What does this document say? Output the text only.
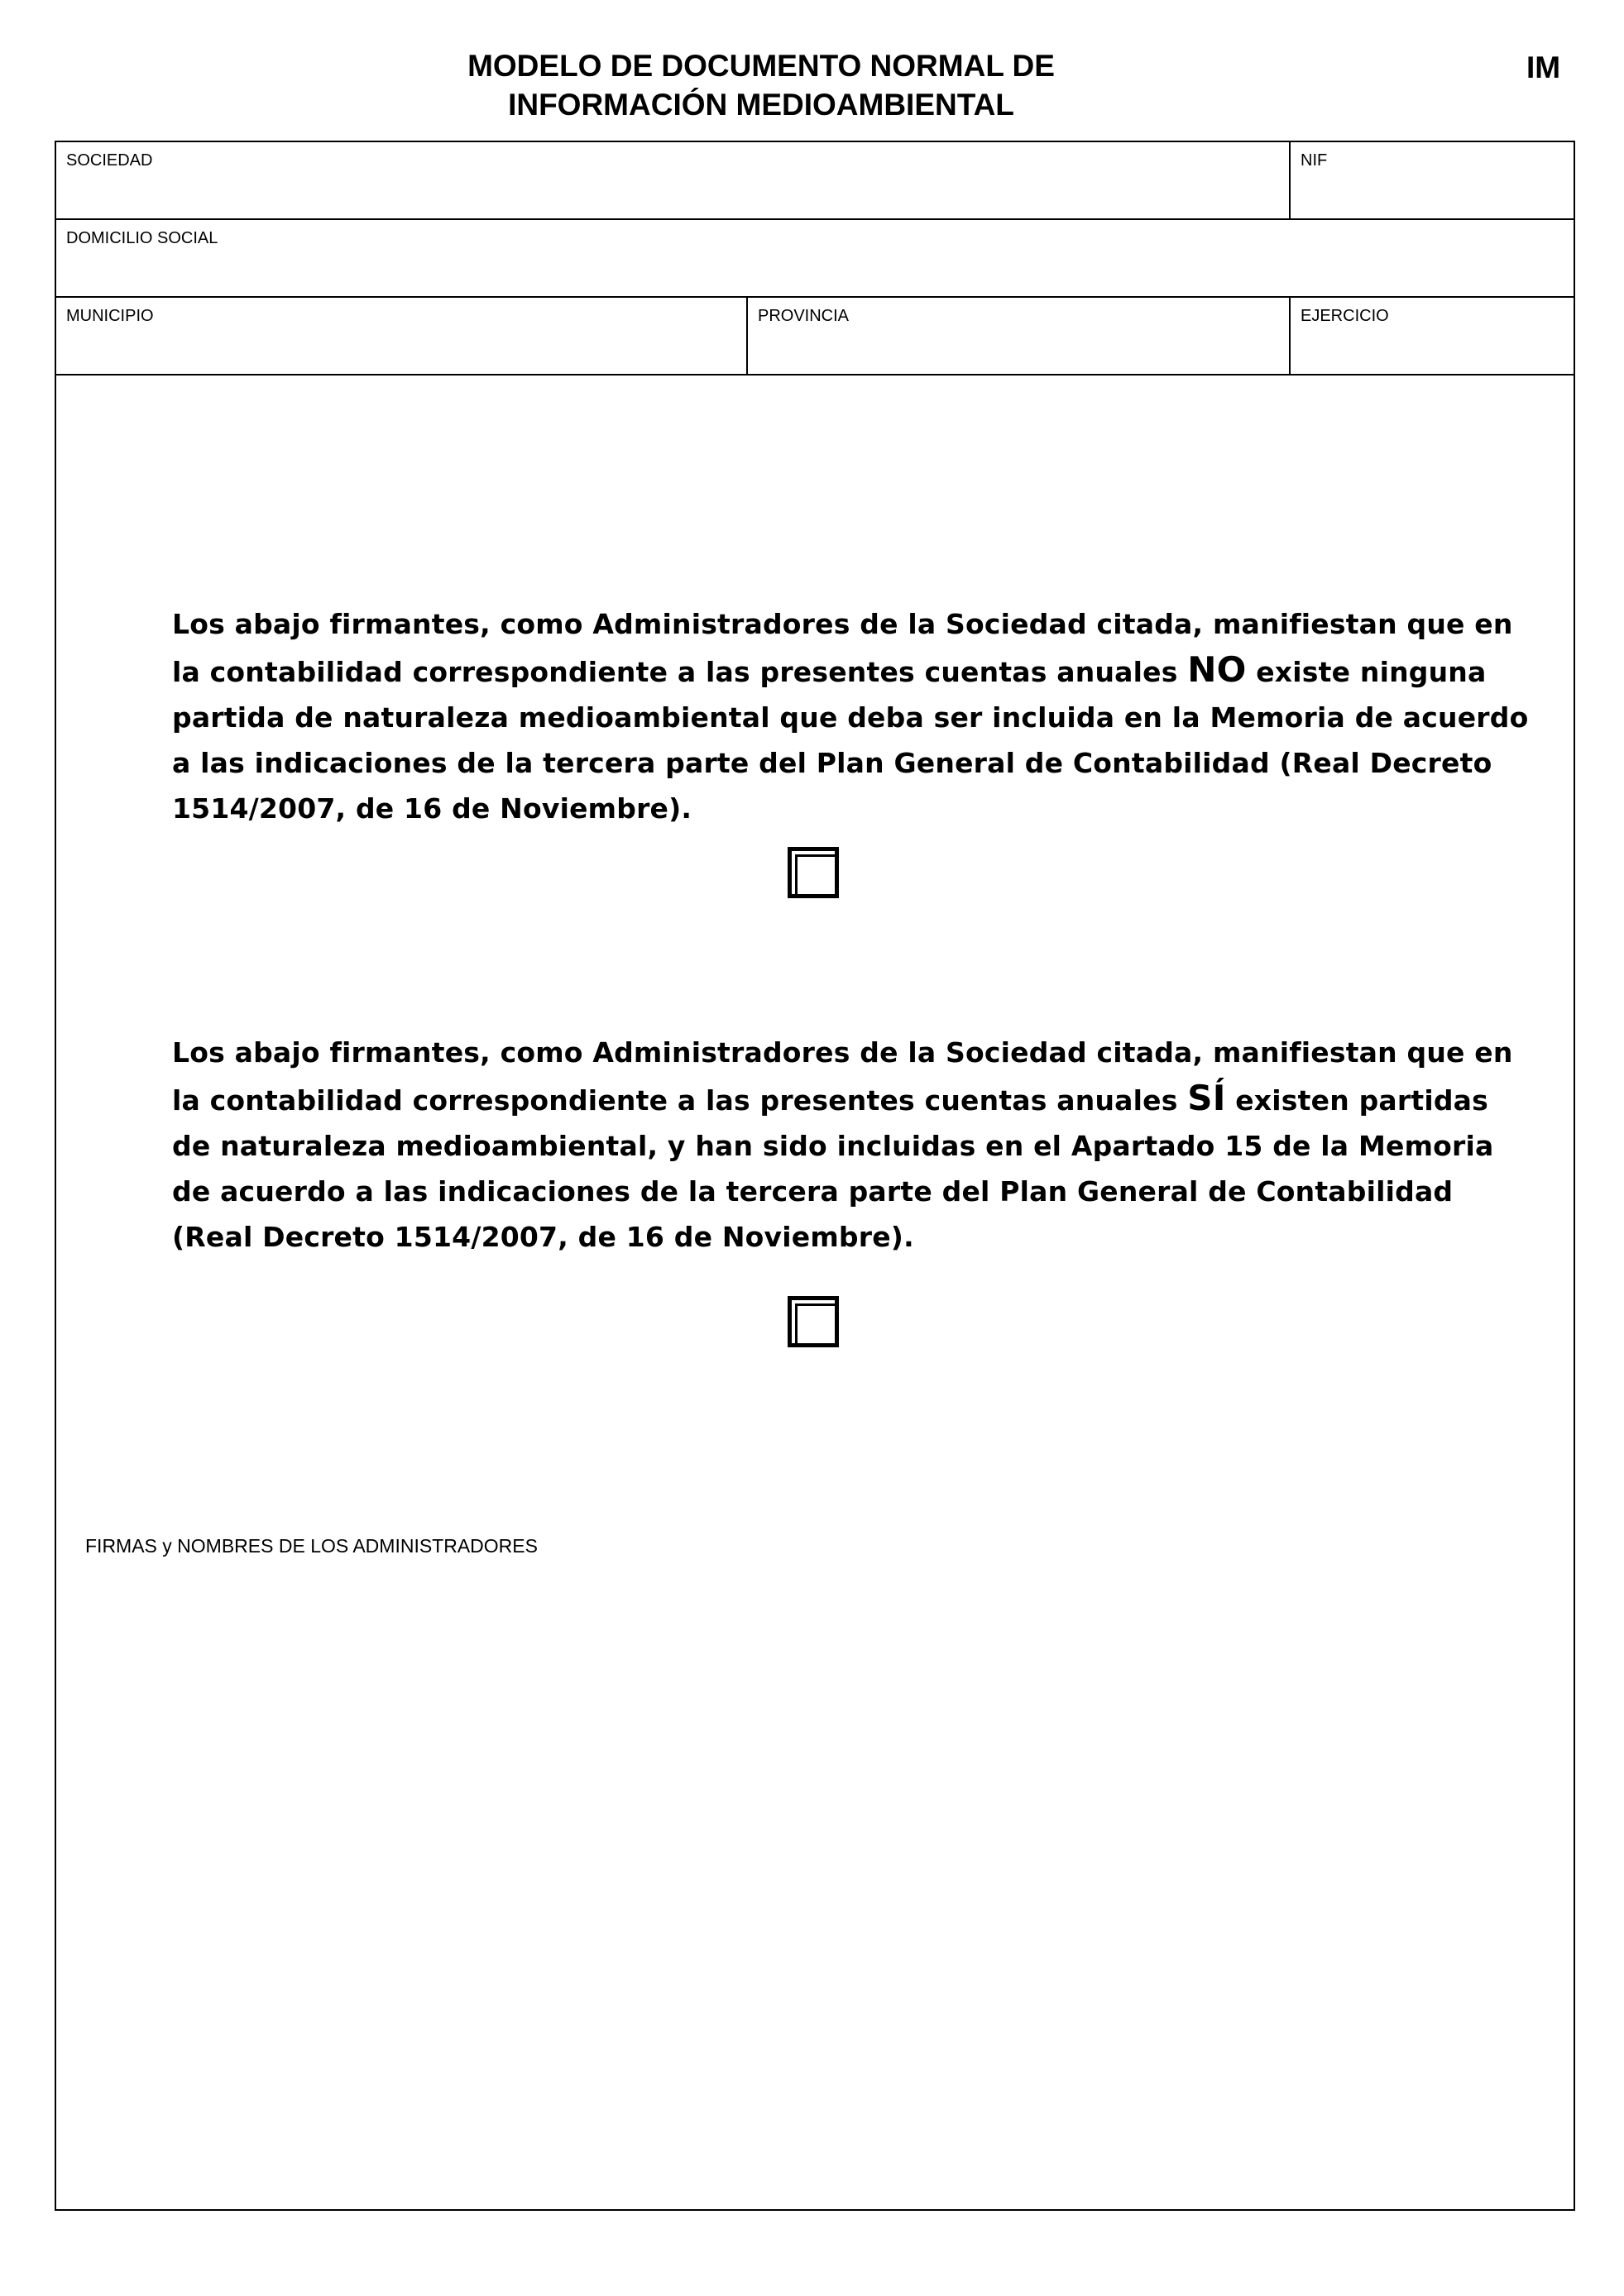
MODELO DE DOCUMENTO NORMAL DE
INFORMACIÓN MEDIOAMBIENTAL
IM
SOCIEDAD	NIF
DOMICILIO SOCIAL
MUNICIPIO	PROVINCIA	EJERCICIO
Los abajo firmantes, como Administradores de la Sociedad citada, manifiestan que en la contabilidad correspondiente a las presentes cuentas anuales NO existe ninguna partida de naturaleza medioambiental que deba ser incluida en la Memoria de acuerdo a las indicaciones de la tercera parte del Plan General de Contabilidad (Real Decreto 1514/2007, de 16 de Noviembre).
Los abajo firmantes, como Administradores de la Sociedad citada, manifiestan que en la contabilidad correspondiente a las presentes cuentas anuales SÍ existen partidas de naturaleza medioambiental, y han sido incluidas en el Apartado 15 de la Memoria de acuerdo a las indicaciones de la tercera parte del Plan General de Contabilidad (Real Decreto 1514/2007, de 16 de Noviembre).
FIRMAS y NOMBRES DE LOS ADMINISTRADORES
